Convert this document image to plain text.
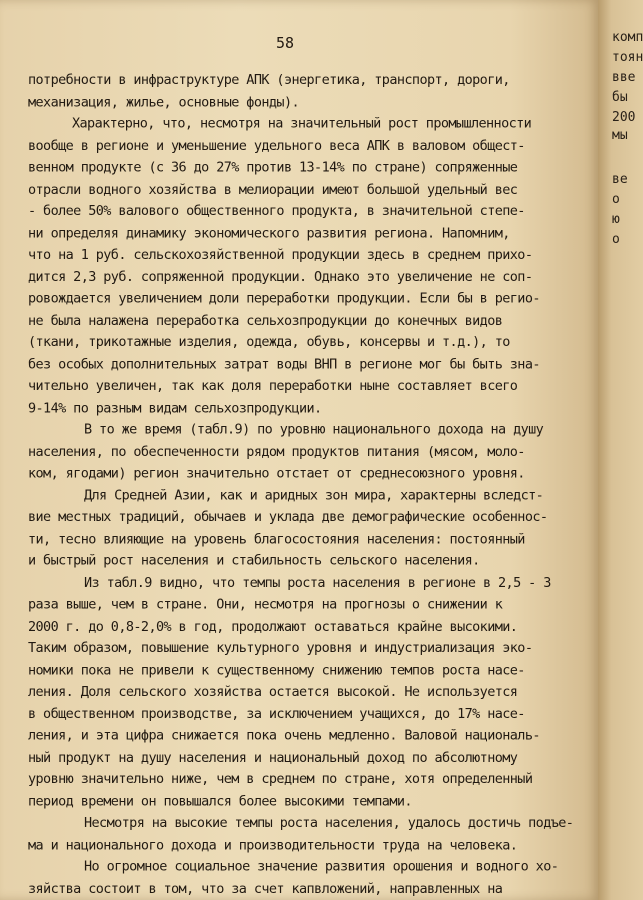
58
потребности в инфраструктуре АПК (энергетика, транспорт, дороги,
механизация, жилье, основные фонды).
Характерно, что, несмотря на значительный рост промышленности
вообще в регионе и уменьшение удельного веса АПК в валовом общест-
венном продукте (с 36 до 27% против 13-14% по стране) сопряженные
отрасли водного хозяйства в мелиорации имеют большой удельный вес
- более 50% валового общественного продукта, в значительной степе-
ни определяя динамику экономического развития региона. Напомним,
что на 1 руб. сельскохозяйственной продукции здесь в среднем прихо-
дится 2,3 руб. сопряженной продукции. Однако это увеличение не соп-
ровождается увеличением доли переработки продукции. Если бы в регио-
не была налажена переработка сельхозпродукции до конечных видов
(ткани, трикотажные изделия, одежда, обувь, консервы и т.д.), то
без особых дополнительных затрат воды ВНП в регионе мог бы быть зна-
чительно увеличен, так как доля переработки ныне составляет всего
9-14% по разным видам сельхозпродукции.
В то же время (табл.9) по уровню национального дохода на душу
населения, по обеспеченности рядом продуктов питания (мясом, моло-
ком, ягодами) регион значительно отстает от среднесоюзного уровня.
Для Средней Азии, как и аридных зон мира, характерны вследст-
вие местных традиций, обычаев и уклада две демографические особеннос-
ти, тесно влияющие на уровень благосостояния населения: постоянный
и быстрый рост населения и стабильность сельского населения.
Из табл.9 видно, что темпы роста населения в регионе в 2,5 - 3
раза выше, чем в стране. Они, несмотря на прогнозы о снижении к
2000 г. до 0,8-2,0% в год, продолжают оставаться крайне высокими.
Таким образом, повышение культурного уровня и индустриализация эко-
номики пока не привели к существенному снижению темпов роста насе-
ления. Доля сельского хозяйства остается высокой. Не используется
в общественном производстве, за исключением учащихся, до 17% насе-
ления, и эта цифра снижается пока очень медленно. Валовой националь-
ный продукт на душу населения и национальный доход по абсолютному
уровню значительно ниже, чем в среднем по стране, хотя определенный
период времени он повышался более высокими темпами.
Несмотря на высокие темпы роста населения, удалось достичь подъе-
ма и национального дохода и производительности труда на человека.
Но огромное социальное значение развития орошения и водного хо-
зяйства состоит в том, что за счет капвложений, направленных на
комп
тоян
вве
бы
200
мы
ве
о
ю
о
